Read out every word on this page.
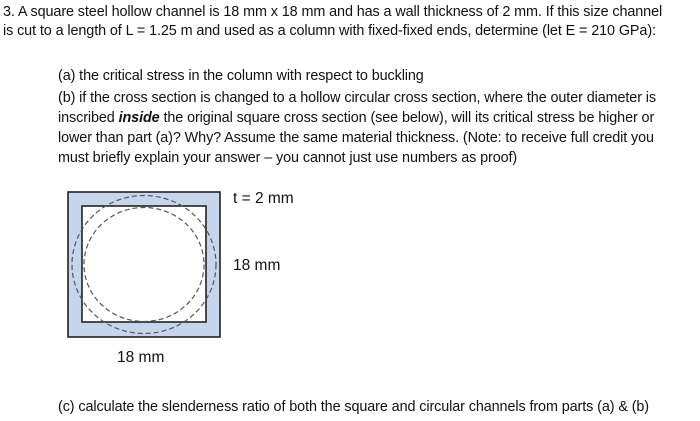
3. A square steel hollow channel is 18 mm x 18 mm and has a wall thickness of 2 mm. If this size channel
is cut to a length of L = 1.25 m and used as a column with fixed-fixed ends, determine (let E = 210 GPa):
(a) the critical stress in the column with respect to buckling
(b) if the cross section is changed to a hollow circular cross section, where the outer diameter is
inscribed inside the original square cross section (see below), will its critical stress be higher or
lower than part (a)? Why? Assume the same material thickness. (Note: to receive full credit you
must briefly explain your answer – you cannot just use numbers as proof)
t = 2 mm
18 mm
18 mm
(c) calculate the slenderness ratio of both the square and circular channels from parts (a) & (b)
